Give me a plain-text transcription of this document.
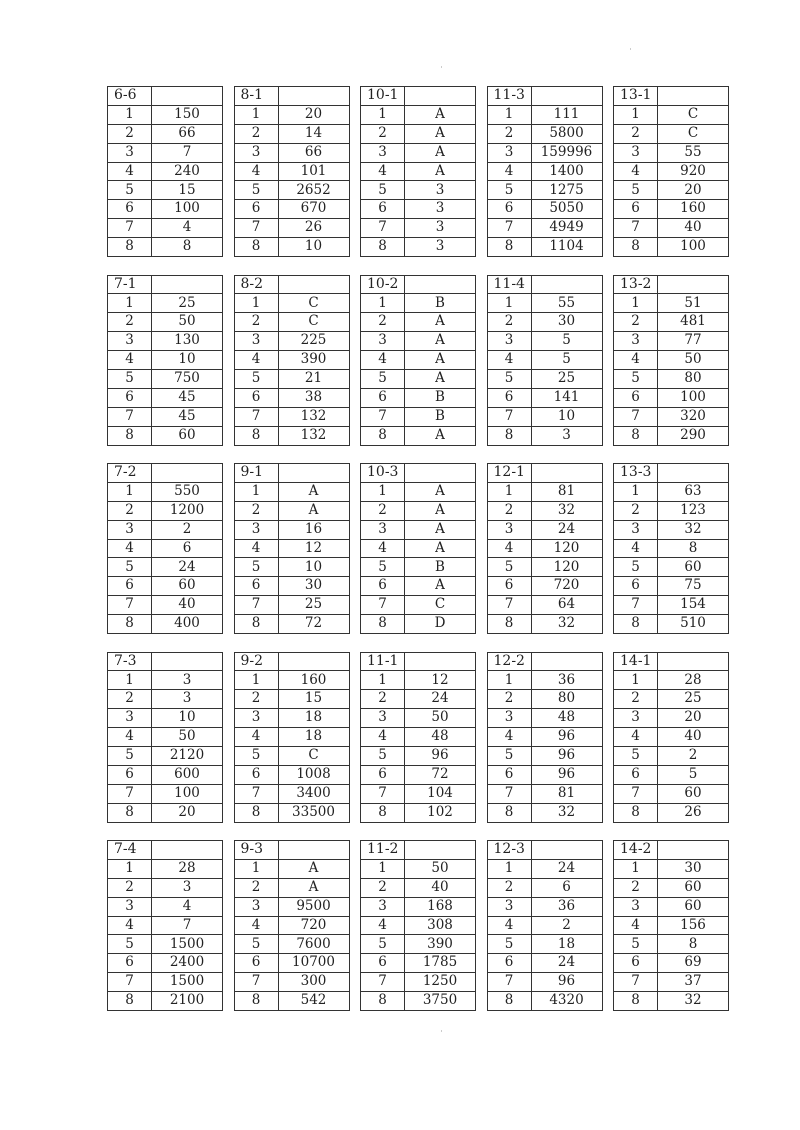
6-6	
1	150
2	66
3	7
4	240
5	15
6	100
7	4
8	8
8-1	
1	20
2	14
3	66
4	101
5	2652
6	670
7	26
8	10
10-1	
1	A
2	A
3	A
4	A
5	3
6	3
7	3
8	3
11-3	
1	111
2	5800
3	159996
4	1400
5	1275
6	5050
7	4949
8	1104
13-1	
1	C
2	C
3	55
4	920
5	20
6	160
7	40
8	100
7-1	
1	25
2	50
3	130
4	10
5	750
6	45
7	45
8	60
8-2	
1	C
2	C
3	225
4	390
5	21
6	38
7	132
8	132
10-2	
1	B
2	A
3	A
4	A
5	A
6	B
7	B
8	A
11-4	
1	55
2	30
3	5
4	5
5	25
6	141
7	10
8	3
13-2	
1	51
2	481
3	77
4	50
5	80
6	100
7	320
8	290
7-2	
1	550
2	1200
3	2
4	6
5	24
6	60
7	40
8	400
9-1	
1	A
2	A
3	16
4	12
5	10
6	30
7	25
8	72
10-3	
1	A
2	A
3	A
4	A
5	B
6	A
7	C
8	D
12-1	
1	81
2	32
3	24
4	120
5	120
6	720
7	64
8	32
13-3	
1	63
2	123
3	32
4	8
5	60
6	75
7	154
8	510
7-3	
1	3
2	3
3	10
4	50
5	2120
6	600
7	100
8	20
9-2	
1	160
2	15
3	18
4	18
5	C
6	1008
7	3400
8	33500
11-1	
1	12
2	24
3	50
4	48
5	96
6	72
7	104
8	102
12-2	
1	36
2	80
3	48
4	96
5	96
6	96
7	81
8	32
14-1	
1	28
2	25
3	20
4	40
5	2
6	5
7	60
8	26
7-4	
1	28
2	3
3	4
4	7
5	1500
6	2400
7	1500
8	2100
9-3	
1	A
2	A
3	9500
4	720
5	7600
6	10700
7	300
8	542
11-2	
1	50
2	40
3	168
4	308
5	390
6	1785
7	1250
8	3750
12-3	
1	24
2	6
3	36
4	2
5	18
6	24
7	96
8	4320
14-2	
1	30
2	60
3	60
4	156
5	8
6	69
7	37
8	32
